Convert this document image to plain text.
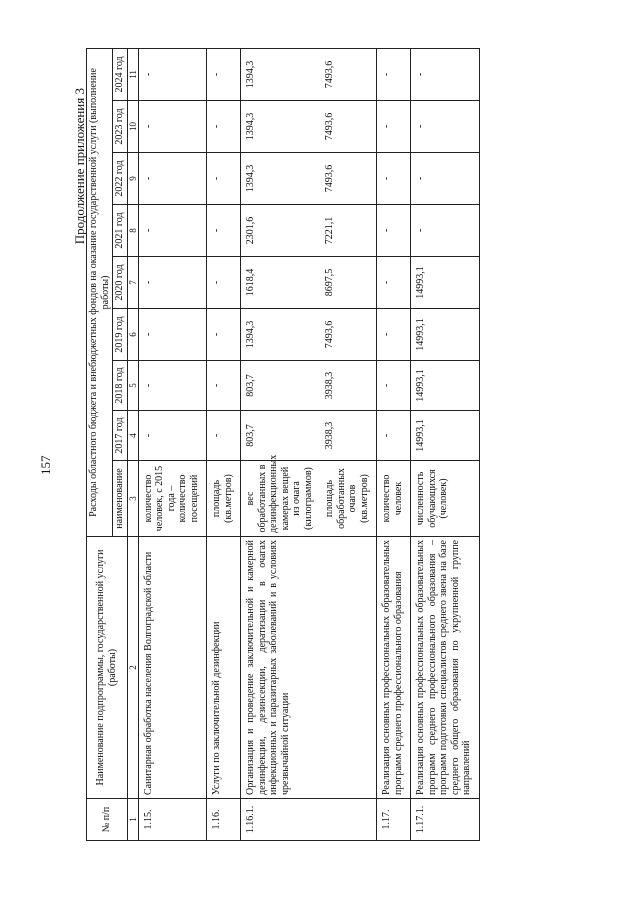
157
Продолжение приложения 3
№ п/п	Наименование подпрограммы, государственной услуги (работы)	Расходы областного бюджета и внебюджетных фондов на оказание государственной услуги (выполнение работы)								
		наименование	2017 год	2018 год	2019 год	2020 год	2021 год	2022 год	2023 год	2024 год
1	2	3	4	5	6	7	8	9	10	11
1.15.	Санитарная обработка населения Волгоградской области	количество человек, с 2015 года – количество посещений	-	-	-	-	-	-	-	-
1.16.	Услуги по заключительной дезинфекции	площадь (кв.метров)	-	-	-	-	-	-	-	-
1.16.1.	Организация и проведение заключительной и камерной дезинфекции, дезинсекции, дератизации в очагах инфекционных и паразитарных заболеваний и в условиях чрезвычайной ситуации	вес обработанных в дезинфекционных камерах вещей из очага (килограммов)	803,7	803,7	1394,3	1618,4	2301,6	1394,3	1394,3	1394,3
		площадь обработанных очагов (кв.метров)	3938,3	3938,3	7493,6	8697,5	7221,1	7493,6	7493,6	7493,6
1.17.	Реализация основных профессиональных образовательных программ среднего профессионального образования	количество человек	-	-	-	-	-	-	-	-
1.17.1.	Реализация основных профессиональных образовательных программ среднего профессионального образования – программ подготовки специалистов среднего звена на базе среднего общего образования по укрупненной группе направлений	численность обучающихся (человек)	14993,1	14993,1	14993,1	14993,1	-	-	-	-
